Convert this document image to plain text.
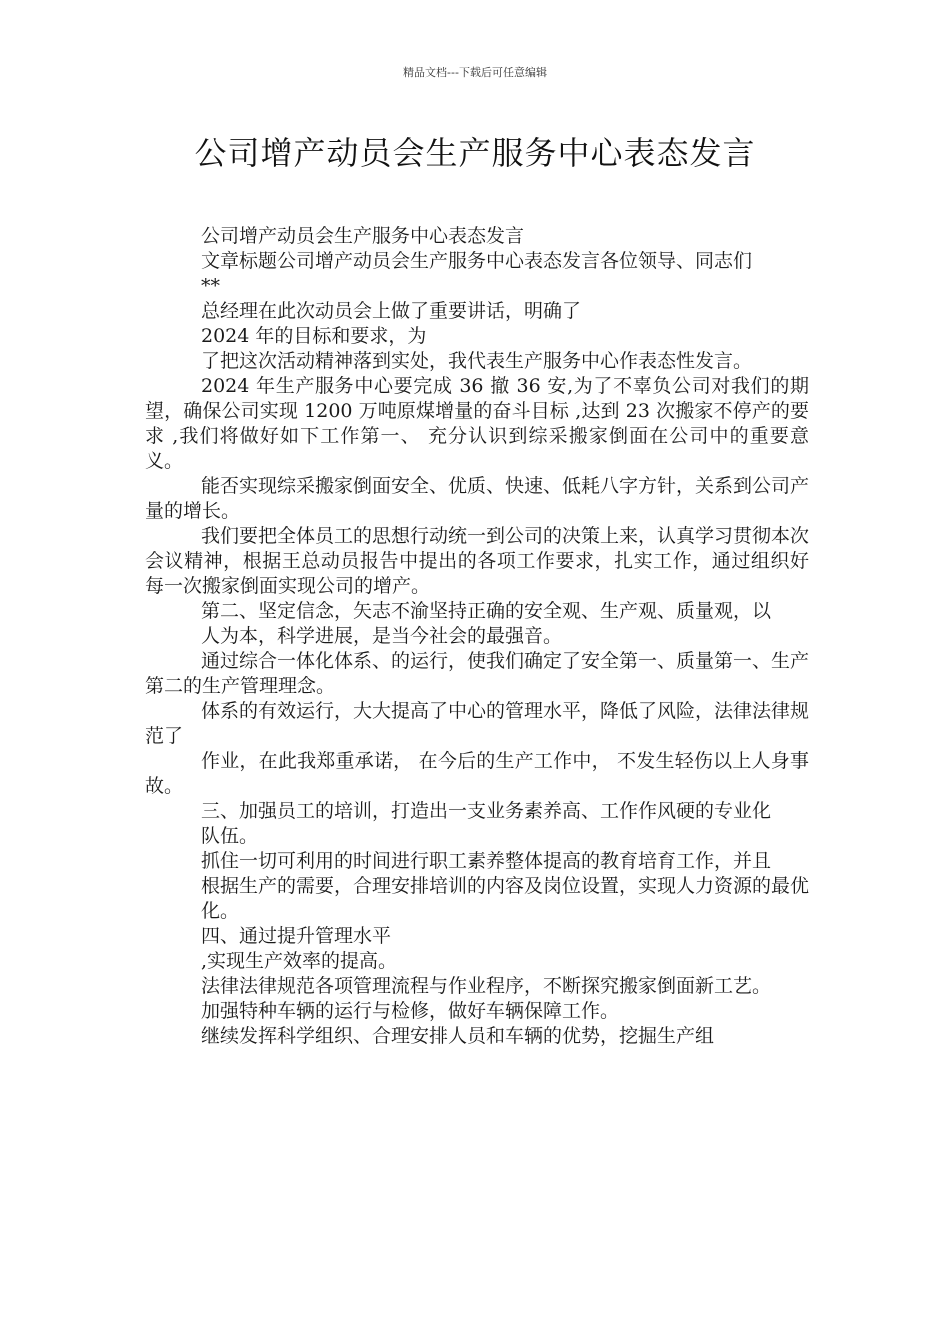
精品文档---下载后可任意编辑
公司增产动员会生产服务中心表态发言

公司增产动员会生产服务中心表态发言

文章标题公司增产动员会生产服务中心表态发言各位领导、同志们

**

总经理在此次动员会上做了重要讲话，明确了

2024 年的目标和要求，为

了把这次活动精神落到实处，我代表生产服务中心作表态性发言。

2024 年生产服务中心要完成 36 撤 36 安,为了不辜负公司对我们的期望，确保公司实现 1200 万吨原煤增量的奋斗目标 ,达到 23 次搬家不停产的要求 ,我们将做好如下工作第一、 充分认识到综采搬家倒面在公司中的重要意义。

能否实现综采搬家倒面安全、优质、快速、低耗八字方针，关系到公司产量的增长。

我们要把全体员工的思想行动统一到公司的决策上来，认真学习贯彻本次会议精神，根据王总动员报告中提出的各项工作要求，扎实工作，通过组织好每一次搬家倒面实现公司的增产。

第二、坚定信念，矢志不渝坚持正确的安全观、生产观、质量观，以

人为本，科学进展，是当今社会的最强音。

通过综合一体化体系、的运行，使我们确定了安全第一、质量第一、生产第二的生产管理理念。

体系的有效运行，大大提高了中心的管理水平，降低了风险，法律法律规范了

作业，在此我郑重承诺， 在今后的生产工作中， 不发生轻伤以上人身事故。

三、加强员工的培训，打造出一支业务素养高、工作作风硬的专业化

队伍。

抓住一切可利用的时间进行职工素养整体提高的教育培育工作，并且

根据生产的需要，合理安排培训的内容及岗位设置，实现人力资源的最优

化。

四、通过提升管理水平

,实现生产效率的提高。

法律法律规范各项管理流程与作业程序，不断探究搬家倒面新工艺。

加强特种车辆的运行与检修，做好车辆保障工作。

继续发挥科学组织、合理安排人员和车辆的优势，挖掘生产组
